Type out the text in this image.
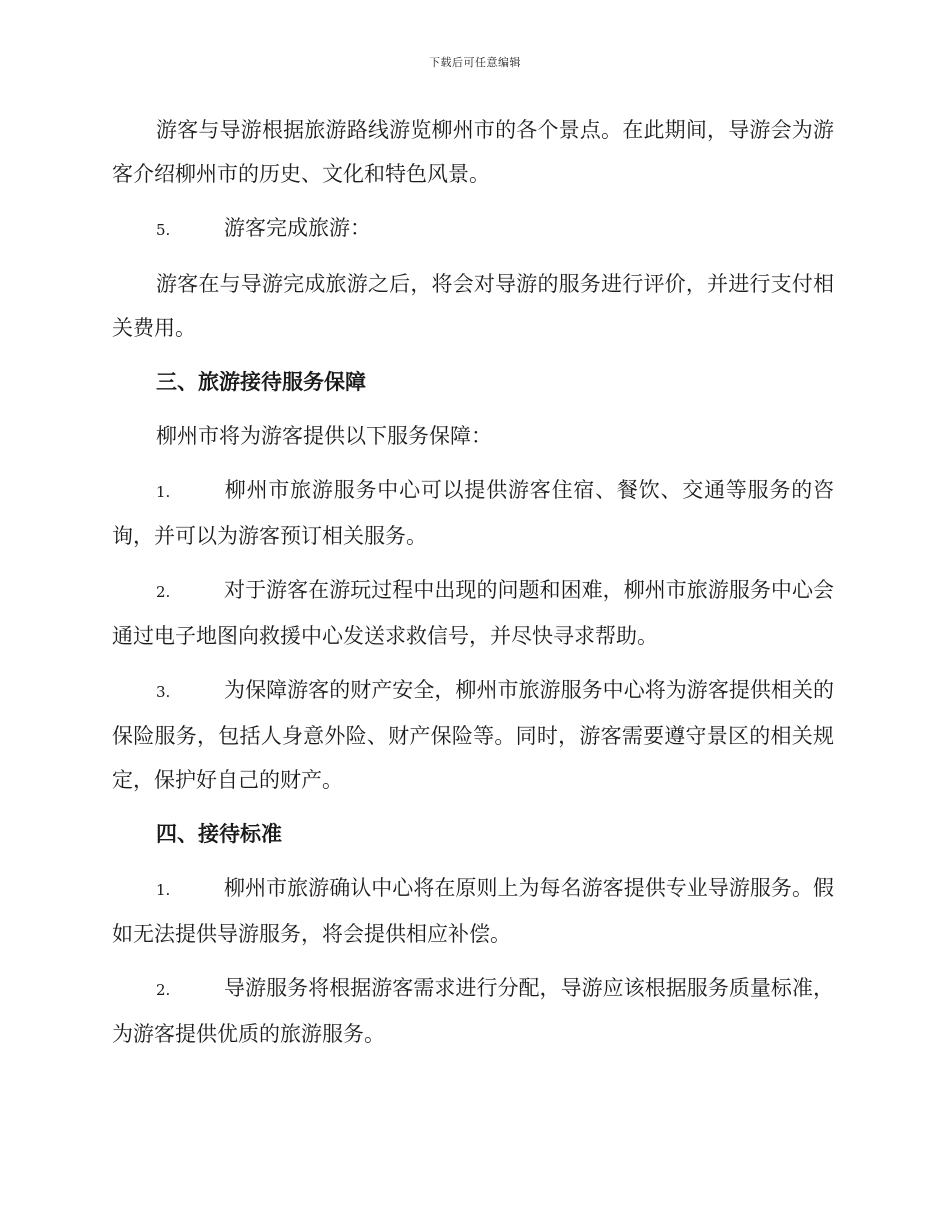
下载后可任意编辑

游客与导游根据旅游路线游览柳州市的各个景点。在此期间，导游会为游客介绍柳州市的历史、文化和特色风景。

5.	游客完成旅游：

游客在与导游完成旅游之后，将会对导游的服务进行评价，并进行支付相关费用。

三、旅游接待服务保障

柳州市将为游客提供以下服务保障：

1.	柳州市旅游服务中心可以提供游客住宿、餐饮、交通等服务的咨询，并可以为游客预订相关服务。

2.	对于游客在游玩过程中出现的问题和困难，柳州市旅游服务中心会通过电子地图向救援中心发送求救信号，并尽快寻求帮助。

3.	为保障游客的财产安全，柳州市旅游服务中心将为游客提供相关的保险服务，包括人身意外险、财产保险等。同时，游客需要遵守景区的相关规定，保护好自己的财产。

四、接待标准

1.	柳州市旅游确认中心将在原则上为每名游客提供专业导游服务。假如无法提供导游服务，将会提供相应补偿。

2.	导游服务将根据游客需求进行分配，导游应该根据服务质量标准，为游客提供优质的旅游服务。
